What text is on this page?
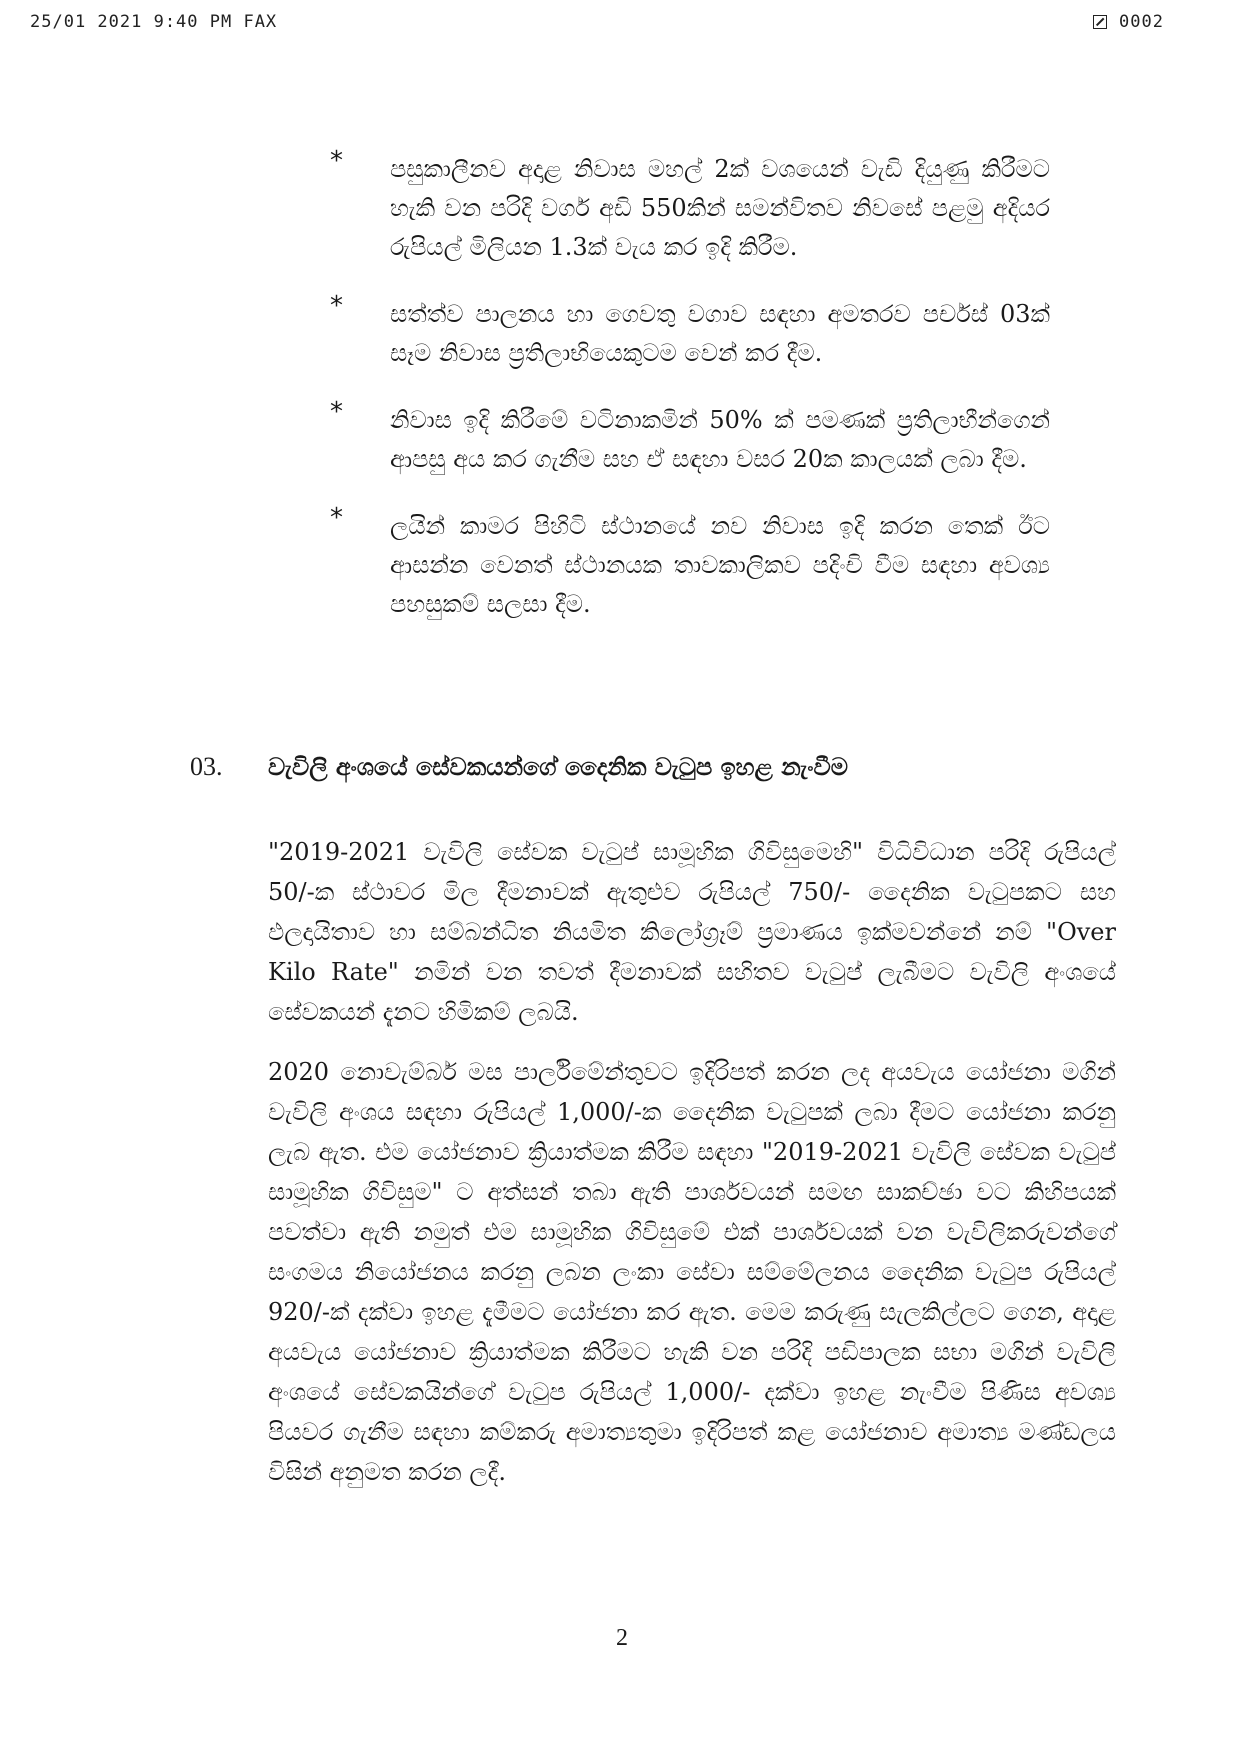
25/01 2021 9:40 PM FAX	0002
* පසුකාලීනව අදාළ නිවාස මහල් 2ක් වශයෙන් වැඩි දියුණු කිරීමට හැකි වන පරිදි වර්ග අඩි 550කින් සමන්විතව නිවසේ පළමු අදියර රුපියල් මිලියන 1.3ක් වැය කර ඉදි කිරීම.
* සත්ත්ව පාලනය හා ගෙවතු වගාව සඳහා අමතරව පර්චස් 03ක් සෑම නිවාස ප්‍රතිලාභියෙකුටම වෙන් කර දීම.
* නිවාස ඉදි කිරීමේ වටිනාකමින් 50% ක් පමණක් ප්‍රතිලාභීන්ගෙන් ආපසු අය කර ගැනීම සහ ඒ සඳහා වසර 20ක කාලයක් ලබා දීම.
* ලයින් කාමර පිහිටි ස්ථානයේ නව නිවාස ඉදි කරන තෙක් ඊට ආසන්න වෙනත් ස්ථානයක තාවකාලිකව පදිංචි වීම සඳහා අවශ්‍ය පහසුකම් සලසා දීම.
03. වැවිලි අංශයේ සේවකයන්ගේ දෛනික වැටුප ඉහළ නැංවීම
"2019-2021 වැවිලි සේවක වැටුප් සාමූහික ගිවිසුමෙහි" විධිවිධාන පරිදි රුපියල් 50/-ක ස්ථාවර මිල දීමනාවක් ඇතුළුව රුපියල් 750/- දෛනික වැටුපකට සහ ඵලදායිතාව හා සම්බන්ධිත නියමිත කිලෝග්‍රෑම් ප්‍රමාණය ඉක්මවන්නේ නම් "Over Kilo Rate" නමින් වන තවත් දීමනාවක් සහිතව වැටුප් ලැබීමට වැවිලි අංශයේ සේවකයන් දැනට හිමිකම් ලබයි.
2020 නොවැම්බර් මස පාර්ලිමේන්තුවට ඉදිරිපත් කරන ලද අයවැය යෝජනා මගින් වැවිලි අංශය සඳහා රුපියල් 1,000/-ක දෛනික වැටුපක් ලබා දීමට යෝජනා කරනු ලැබ ඇත. එම යෝජනාව ක්‍රියාත්මක කිරීම සඳහා "2019-2021 වැවිලි සේවක වැටුප් සාමූහික ගිවිසුම" ට අත්සන් තබා ඇති පාර්ශවයන් සමඟ සාකච්ඡා වට කිහිපයක් පවත්වා ඇති නමුත් එම සාමූහික ගිවිසුමේ එක් පාර්ශවයක් වන වැවිලිකරුවන්ගේ සංගමය නියෝජනය කරනු ලබන ලංකා සේවා සම්මේලනය දෛනික වැටුප රුපියල් 920/-ක් දක්වා ඉහළ දැමීමට යෝජනා කර ඇත. මෙම කරුණු සැලකිල්ලට ගෙන, අදාළ අයවැය යෝජනාව ක්‍රියාත්මක කිරීමට හැකි වන පරිදි පඩිපාලක සභා මගින් වැවිලි අංශයේ සේවකයින්ගේ වැටුප රුපියල් 1,000/- දක්වා ඉහළ නැංවීම පිණිස අවශ්‍ය පියවර ගැනීම සඳහා කම්කරු අමාත්‍යතුමා ඉදිරිපත් කළ යෝජනාව අමාත්‍ය මණ්ඩලය විසින් අනුමත කරන ලදී.
2
